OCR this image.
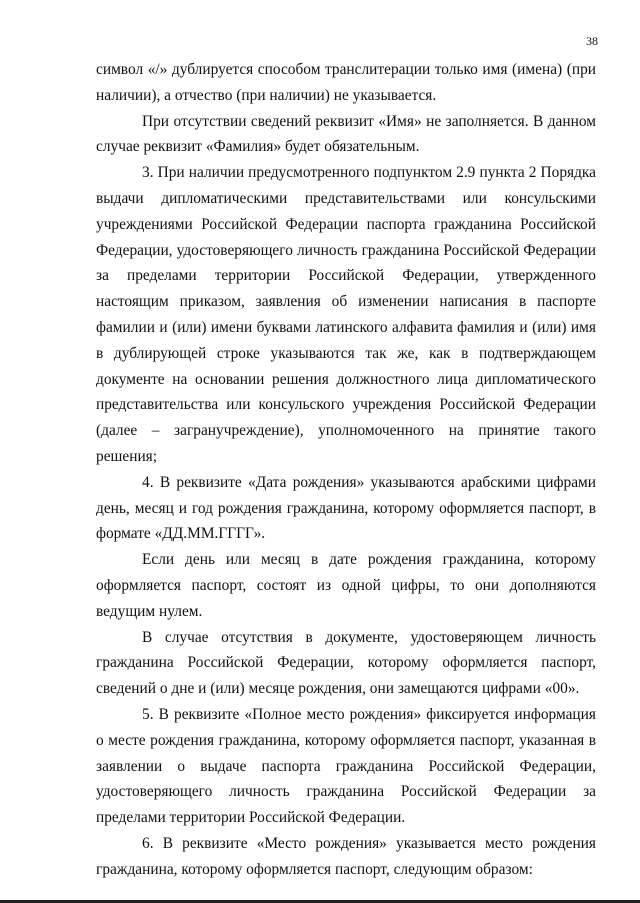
38

символ «/» дублируется способом транслитерации только имя (имена) (при наличии), а отчество (при наличии) не указывается.

При отсутствии сведений реквизит «Имя» не заполняется. В данном случае реквизит «Фамилия» будет обязательным.

3. При наличии предусмотренного подпунктом 2.9 пункта 2 Порядка выдачи дипломатическими представительствами или консульскими учреждениями Российской Федерации паспорта гражданина Российской Федерации, удостоверяющего личность гражданина Российской Федерации за пределами территории Российской Федерации, утвержденного настоящим приказом, заявления об изменении написания в паспорте фамилии и (или) имени буквами латинского алфавита фамилия и (или) имя в дублирующей строке указываются так же, как в подтверждающем документе на основании решения должностного лица дипломатического представительства или консульского учреждения Российской Федерации (далее – загранучреждение), уполномоченного на принятие такого решения;

4. В реквизите «Дата рождения» указываются арабскими цифрами день, месяц и год рождения гражданина, которому оформляется паспорт, в формате «ДД.ММ.ГГГГ».

Если день или месяц в дате рождения гражданина, которому оформляется паспорт, состоят из одной цифры, то они дополняются ведущим нулем.

В случае отсутствия в документе, удостоверяющем личность гражданина Российской Федерации, которому оформляется паспорт, сведений о дне и (или) месяце рождения, они замещаются цифрами «00».

5. В реквизите «Полное место рождения» фиксируется информация о месте рождения гражданина, которому оформляется паспорт, указанная в заявлении о выдаче паспорта гражданина Российской Федерации, удостоверяющего личность гражданина Российской Федерации за пределами территории Российской Федерации.

6. В реквизите «Место рождения» указывается место рождения гражданина, которому оформляется паспорт, следующим образом:
